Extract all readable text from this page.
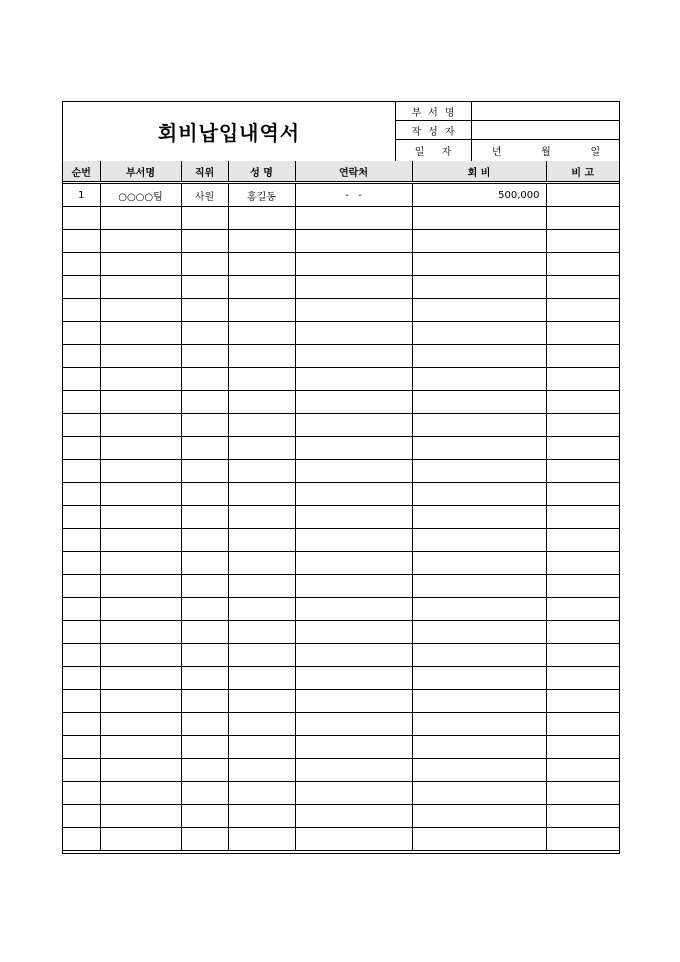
회비납입내역서
부서명
작성자
일 자	년	월	일
순번	부서명	직위	성 명	연락처	회 비	비 고
1	○○○○팀	사원	홍길동	-   -	500,000	
